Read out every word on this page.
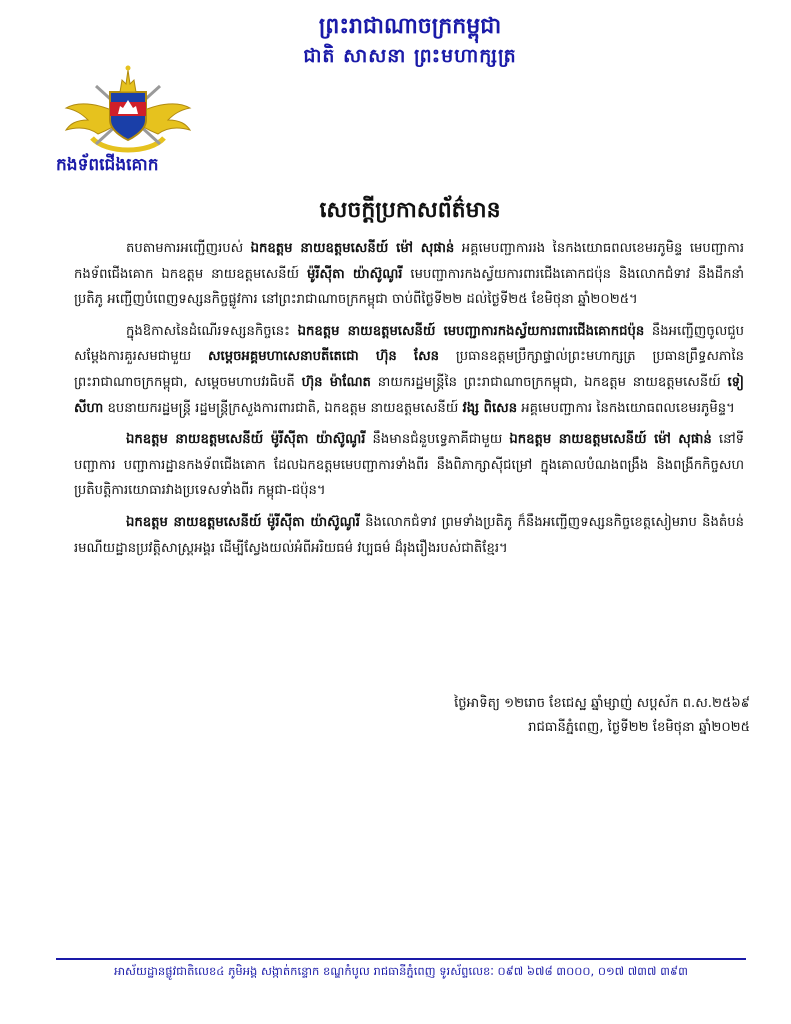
ព្រះរាជាណាចក្រកម្ពុជា
ជាតិ សាសនា ព្រះមហាក្សត្រ
កងទ័ពជើងគោក
សេចក្ដីប្រកាសព័ត៌មាន

តបតាមការអញ្ជើញរបស់ ឯកឧត្តម នាយឧត្តមសេនីយ៍ ម៉ៅ សុផាន់ អគ្គមេបញ្ជាការរង នៃកងយោធពលខេមរភូមិន្ទ មេបញ្ជាការកងទ័ពជើងគោក ឯកឧត្តម នាយឧត្តមសេនីយ៍ ម៉ូរីស៊ីតា យ៉ាស៊ូណូរី មេបញ្ជាការកងស្វ័យការពារជើងគោកជប៉ុន និងលោកជំទាវ នឹងដឹកនាំប្រតិភូ អញ្ជើញបំពេញទស្សនកិច្ចផ្លូវការ នៅព្រះរាជាណាចក្រកម្ពុជា ចាប់ពីថ្ងៃទី២២ ដល់ថ្ងៃទី២៥ ខែមិថុនា ឆ្នាំ២០២៥។

ក្នុងឱកាសនៃដំណើរទស្សនកិច្ចនេះ ឯកឧត្តម នាយឧត្តមសេនីយ៍ មេបញ្ជាការកងស្វ័យការពារជើងគោកជប៉ុន នឹងអញ្ជើញចូលជួបសម្ដែងការគួរសមជាមួយ សម្ដេចអគ្គមហាសេនាបតីតេជោ ហ៊ុន សែន ប្រធានឧត្ដមប្រឹក្សាផ្ទាល់ព្រះមហាក្សត្រ ប្រធានព្រឹទ្ធសភានៃព្រះរាជាណាចក្រកម្ពុជា, សម្ដេចមហាបវរធិបតី ហ៊ុន ម៉ាណែត នាយករដ្ឋមន្ត្រីនៃ ព្រះរាជាណាចក្រកម្ពុជា, ឯកឧត្តម នាយឧត្តមសេនីយ៍ ទៀ សីហា ឧបនាយករដ្ឋមន្ត្រី រដ្ឋមន្ត្រីក្រសួងការពារជាតិ, ឯកឧត្តម នាយឧត្តមសេនីយ៍ វង្ស ពិសេន អគ្គមេបញ្ជាការ នៃកងយោធពលខេមរភូមិន្ទ។

ឯកឧត្តម នាយឧត្តមសេនីយ៍ ម៉ូរីស៊ីតា យ៉ាស៊ូណូរី នឹងមានជំនួបទ្វេភាគីជាមួយ ឯកឧត្តម នាយឧត្តមសេនីយ៍ ម៉ៅ សុផាន់ នៅទីបញ្ជាការ បញ្ជាការដ្ឋានកងទ័ពជើងគោក ដែលឯកឧត្តមមេបញ្ជាការទាំងពីរ នឹងពិភាក្សាស៊ីជម្រៅ ក្នុងគោលបំណងពង្រឹង និងពង្រីកកិច្ចសហប្រតិបត្តិការយោធារវាងប្រទេសទាំងពីរ កម្ពុជា-ជប៉ុន។

ឯកឧត្តម នាយឧត្តមសេនីយ៍ ម៉ូរីស៊ីតា យ៉ាស៊ូណូរី និងលោកជំទាវ ព្រមទាំងប្រតិភូ ក៏នឹងអញ្ជើញទស្សនកិច្ចខេត្តសៀមរាប និងតំបន់រមណីយដ្ឋានប្រវត្តិសាស្ត្រអង្គរ ដើម្បីស្វែងយល់អំពីអរិយធម៌ វប្បធម៌ ដ៏រុងរឿងរបស់ជាតិខ្មែរ។

ថ្ងៃអាទិត្យ ១២រោច ខែជេស្ឋ ឆ្នាំម្សាញ់ សប្តស័ក ព.ស.២៥៦៩
រាជធានីភ្នំពេញ, ថ្ងៃទី២២ ខែមិថុនា ឆ្នាំ២០២៥
អាស័យដ្ឋានផ្លូវជាតិលេខ៤ ភូមិអង្គ សង្កាត់កន្ទោក ខណ្ឌកំបូល រាជធានីភ្នំពេញ ទូរស័ព្ទលេខៈ ០៩៧ ៦៧៨ ៣០០០, ០១៧ ៧៣៧ ៣៩៣
